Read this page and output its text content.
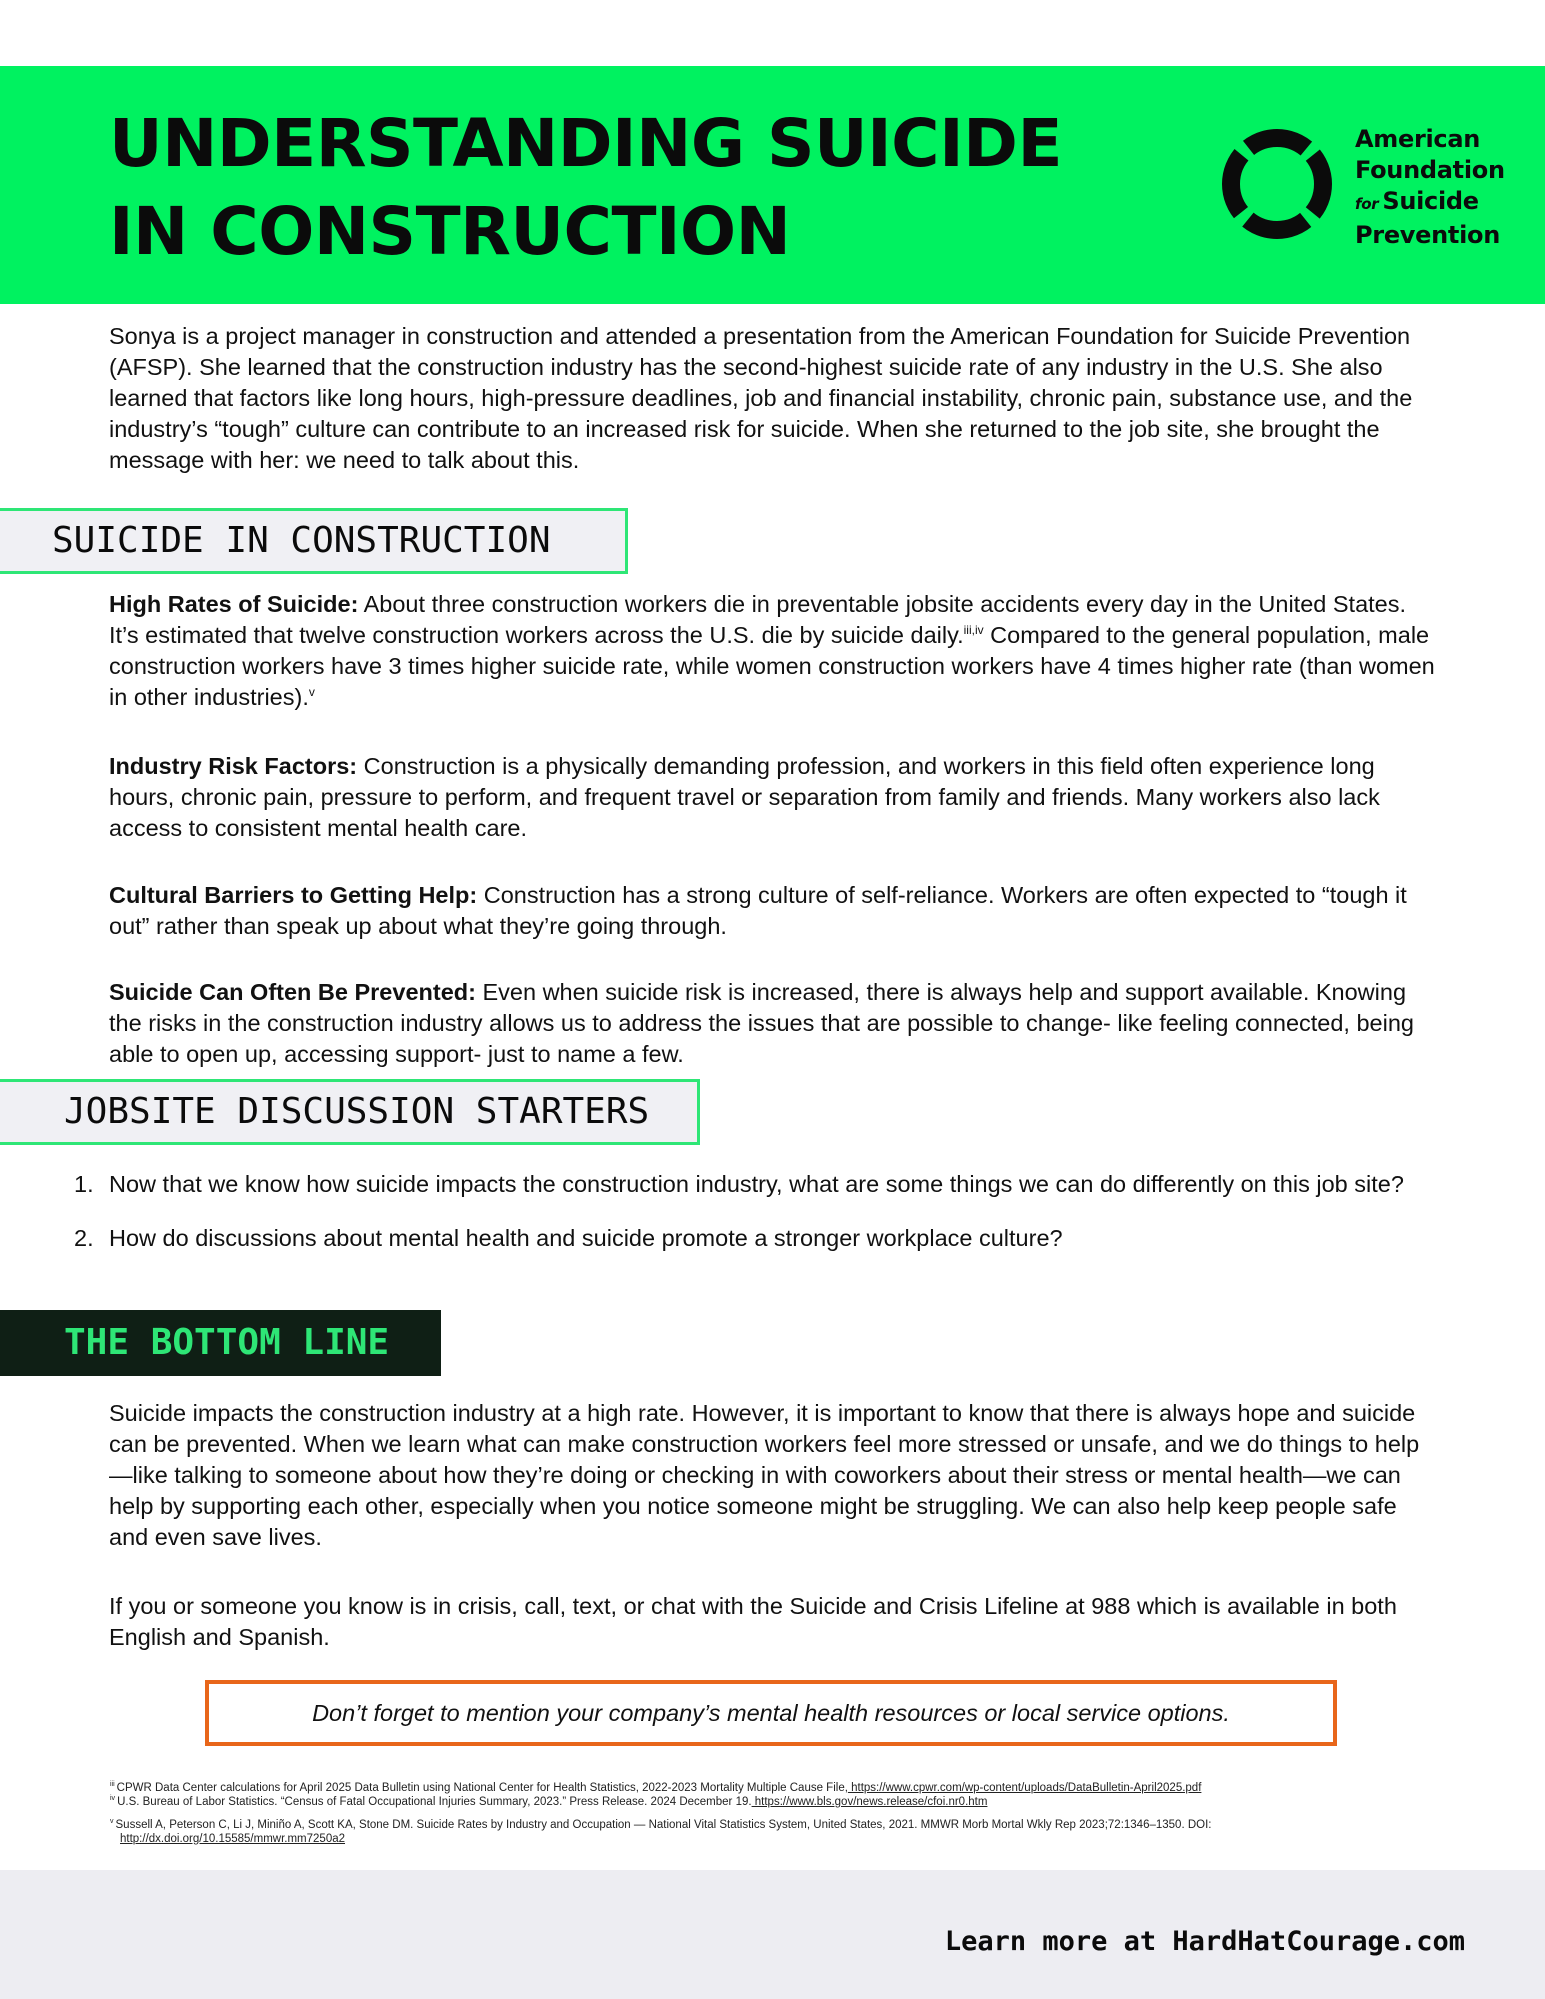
UNDERSTANDING SUICIDE
IN CONSTRUCTION
American
Foundation
for Suicide
Prevention

Sonya is a project manager in construction and attended a presentation from the American Foundation for Suicide Prevention (AFSP). She learned that the construction industry has the second-highest suicide rate of any industry in the U.S. She also learned that factors like long hours, high-pressure deadlines, job and financial instability, chronic pain, substance use, and the industry’s “tough” culture can contribute to an increased risk for suicide. When she returned to the job site, she brought the message with her: we need to talk about this.

SUICIDE IN CONSTRUCTION

High Rates of Suicide: About three construction workers die in preventable jobsite accidents every day in the United States. It’s estimated that twelve construction workers across the U.S. die by suicide daily.$^{iii,iv}$ Compared to the general population, male construction workers have 3 times higher suicide rate, while women construction workers have 4 times higher rate (than women in other industries).$^v$

Industry Risk Factors: Construction is a physically demanding profession, and workers in this field often experience long hours, chronic pain, pressure to perform, and frequent travel or separation from family and friends. Many workers also lack access to consistent mental health care.

Cultural Barriers to Getting Help: Construction has a strong culture of self-reliance. Workers are often expected to “tough it out” rather than speak up about what they’re going through.

Suicide Can Often Be Prevented: Even when suicide risk is increased, there is always help and support available. Knowing the risks in the construction industry allows us to address the issues that are possible to change- like feeling connected, being able to open up, accessing support- just to name a few.

JOBSITE DISCUSSION STARTERS
1. Now that we know how suicide impacts the construction industry, what are some things we can do differently on this job site?
2. How do discussions about mental health and suicide promote a stronger workplace culture?
THE BOTTOM LINE

Suicide impacts the construction industry at a high rate. However, it is important to know that there is always hope and suicide can be prevented. When we learn what can make construction workers feel more stressed or unsafe, and we do things to help—like talking to someone about how they’re doing or checking in with coworkers about their stress or mental health—we can help by supporting each other, especially when you notice someone might be struggling. We can also help keep people safe and even save lives.

If you or someone you know is in crisis, call, text, or chat with the Suicide and Crisis Lifeline at 988 which is available in both English and Spanish.

Don’t forget to mention your company’s mental health resources or local service options.
$^{iii}$ CPWR Data Center calculations for April 2025 Data Bulletin using National Center for Health Statistics, 2022-2023 Mortality Multiple Cause File, https://www.cpwr.com/wp-content/uploads/DataBulletin-April2025.pdf
$^{iv}$ U.S. Bureau of Labor Statistics. “Census of Fatal Occupational Injuries Summary, 2023.” Press Release. 2024 December 19. https://www.bls.gov/news.release/cfoi.nr0.htm
$^v$ Sussell A, Peterson C, Li J, Miniño A, Scott KA, Stone DM. Suicide Rates by Industry and Occupation — National Vital Statistics System, United States, 2021. MMWR Morb Mortal Wkly Rep 2023;72:1346–1350. DOI:
http://dx.doi.org/10.15585/mmwr.mm7250a2
Learn more at HardHatCourage.com
